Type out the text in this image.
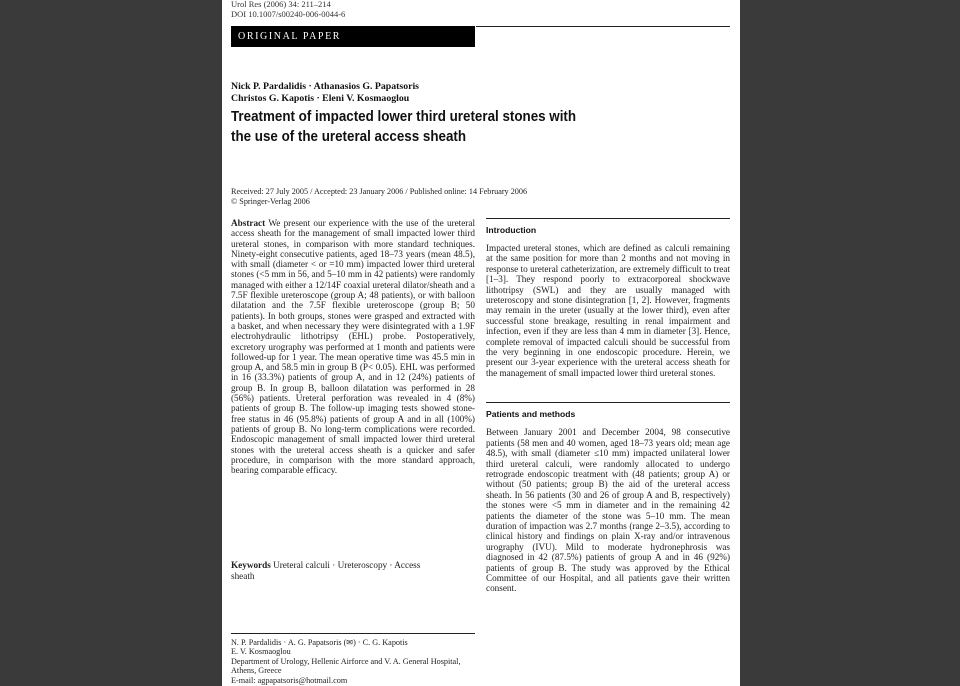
Urol Res (2006) 34: 211–214
DOI 10.1007/s00240-006-0044-6
ORIGINAL PAPER
Nick P. Pardalidis · Athanasios G. Papatsoris
Christos G. Kapotis · Eleni V. Kosmaoglou
Treatment of impacted lower third ureteral stones with the use of the ureteral access sheath
Received: 27 July 2005 / Accepted: 23 January 2006 / Published online: 14 February 2006
© Springer-Verlag 2006
Abstract We present our experience with the use of the ureteral access sheath for the management of small impacted lower third ureteral stones, in comparison with more standard techniques. Ninety-eight consecutive patients, aged 18–73 years (mean 48.5), with small (diameter < or =10 mm) impacted lower third ureteral stones (<5 mm in 56, and 5–10 mm in 42 patients) were randomly managed with either a 12/14F coaxial ureteral dilator/sheath and a 7.5F flexible ureteroscope (group A; 48 patients), or with balloon dilatation and the 7.5F flexible ureteroscope (group B; 50 patients). In both groups, stones were grasped and extracted with a basket, and when necessary they were disintegrated with a 1.9F electrohydraulic lithotripsy (EHL) probe. Postoperatively, excretory urography was performed at 1 month and patients were followed-up for 1 year. The mean operative time was 45.5 min in group A, and 58.5 min in group B (P< 0.05). EHL was performed in 16 (33.3%) patients of group A, and in 12 (24%) patients of group B. In group B, balloon dilatation was performed in 28 (56%) patients. Ureteral perforation was revealed in 4 (8%) patients of group B. The follow-up imaging tests showed stone-free status in 46 (95.8%) patients of group A and in all (100%) patients of group B. No long-term complications were recorded. Endoscopic management of small impacted lower third ureteral stones with the ureteral access sheath is a quicker and safer procedure, in comparison with the more standard approach, bearing comparable efficacy.
Keywords Ureteral calculi · Ureteroscopy · Access sheath
N. P. Pardalidis · A. G. Papatsoris (✉) · C. G. Kapotis
E. V. Kosmaoglou
Department of Urology, Hellenic Airforce and V. A. General Hospital, Athens, Greece
E-mail: agpapatsoris@hotmail.com
Introduction

Impacted ureteral stones, which are defined as calculi remaining at the same position for more than 2 months and not moving in response to ureteral catheterization, are extremely difficult to treat [1–3]. They respond poorly to extracorporeal shockwave lithotripsy (SWL) and they are usually managed with ureteroscopy and stone disintegration [1, 2]. However, fragments may remain in the ureter (usually at the lower third), even after successful stone breakage, resulting in renal impairment and infection, even if they are less than 4 mm in diameter [3]. Hence, complete removal of impacted calculi should be successful from the very beginning in one endoscopic procedure. Herein, we present our 3-year experience with the ureteral access sheath for the management of small impacted lower third ureteral stones.

Patients and methods

Between January 2001 and December 2004, 98 consecutive patients (58 men and 40 women, aged 18–73 years old; mean age 48.5), with small (diameter ≤10 mm) impacted unilateral lower third ureteral calculi, were randomly allocated to undergo retrograde endoscopic treatment with (48 patients; group A) or without (50 patients; group B) the aid of the ureteral access sheath. In 56 patients (30 and 26 of group A and B, respectively) the stones were <5 mm in diameter and in the remaining 42 patients the diameter of the stone was 5–10 mm. The mean duration of impaction was 2.7 months (range 2–3.5), according to clinical history and findings on plain X-ray and/or intravenous urography (IVU). Mild to moderate hydronephrosis was diagnosed in 42 (87.5%) patients of group A and in 46 (92%) patients of group B. The study was approved by the Ethical Committee of our Hospital, and all patients gave their written consent.
